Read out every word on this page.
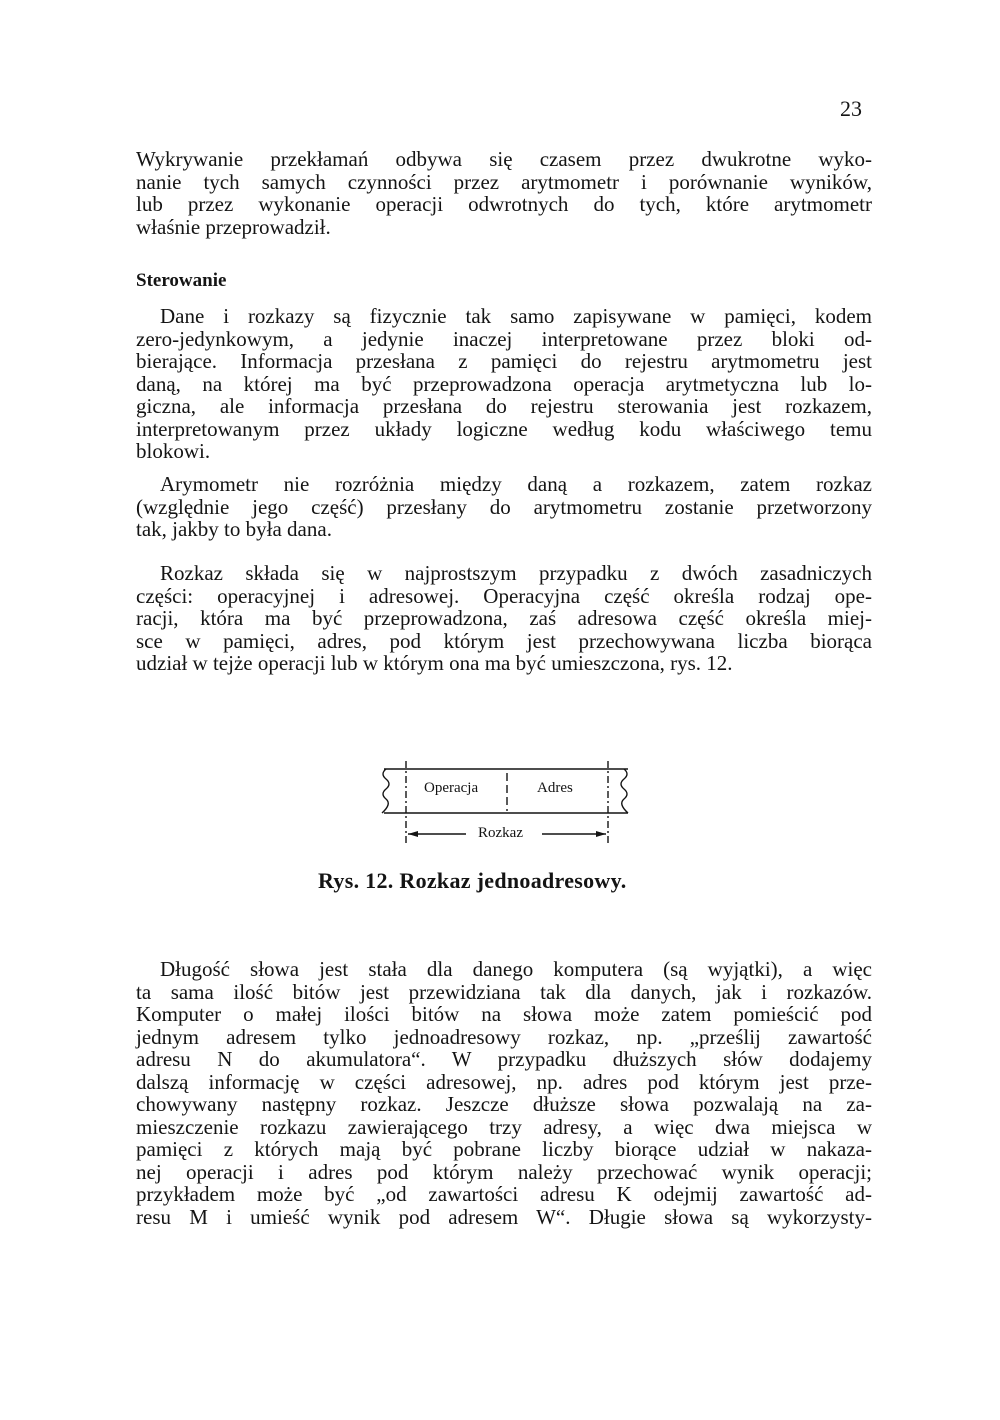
23
Wykrywanie przekłamań odbywa się czasem przez dwukrotne wyko-
nanie tych samych czynności przez arytmometr i porównanie wyników,
lub przez wykonanie operacji odwrotnych do tych, które arytmometr
właśnie przeprowadził.
Sterowanie
Dane i rozkazy są fizycznie tak samo zapisywane w pamięci, kodem
zero-jedynkowym, a jedynie inaczej interpretowane przez bloki od-
bierające. Informacja przesłana z pamięci do rejestru arytmometru jest
daną, na której ma być przeprowadzona operacja arytmetyczna lub lo-
giczna, ale informacja przesłana do rejestru sterowania jest rozkazem,
interpretowanym przez układy logiczne według kodu właściwego temu
blokowi.
Arymometr nie rozróżnia między daną a rozkazem, zatem rozkaz
(względnie jego część) przesłany do arytmometru zostanie przetworzony
tak, jakby to była dana.
Rozkaz składa się w najprostszym przypadku z dwóch zasadniczych
części: operacyjnej i adresowej. Operacyjna część określa rodzaj ope-
racji, która ma być przeprowadzona, zaś adresowa część określa miej-
sce w pamięci, adres, pod którym jest przechowywana liczba biorąca
udział w tejże operacji lub w którym ona ma być umieszczona, rys. 12.
Operacja	Adres
Rozkaz
Rys. 12. Rozkaz jednoadresowy.
Długość słowa jest stała dla danego komputera (są wyjątki), a więc
ta sama ilość bitów jest przewidziana tak dla danych, jak i rozkazów.
Komputer o małej ilości bitów na słowa może zatem pomieścić pod
jednym adresem tylko jednoadresowy rozkaz, np. „prześlij zawartość
adresu N do akumulatora“. W przypadku dłuższych słów dodajemy
dalszą informację w części adresowej, np. adres pod którym jest prze-
chowywany następny rozkaz. Jeszcze dłuższe słowa pozwalają na za-
mieszczenie rozkazu zawierającego trzy adresy, a więc dwa miejsca w
pamięci z których mają być pobrane liczby biorące udział w nakaza-
nej operacji i adres pod którym należy przechować wynik operacji;
przykładem może być „od zawartości adresu K odejmij zawartość ad-
resu M i umieść wynik pod adresem W“. Długie słowa są wykorzysty-
